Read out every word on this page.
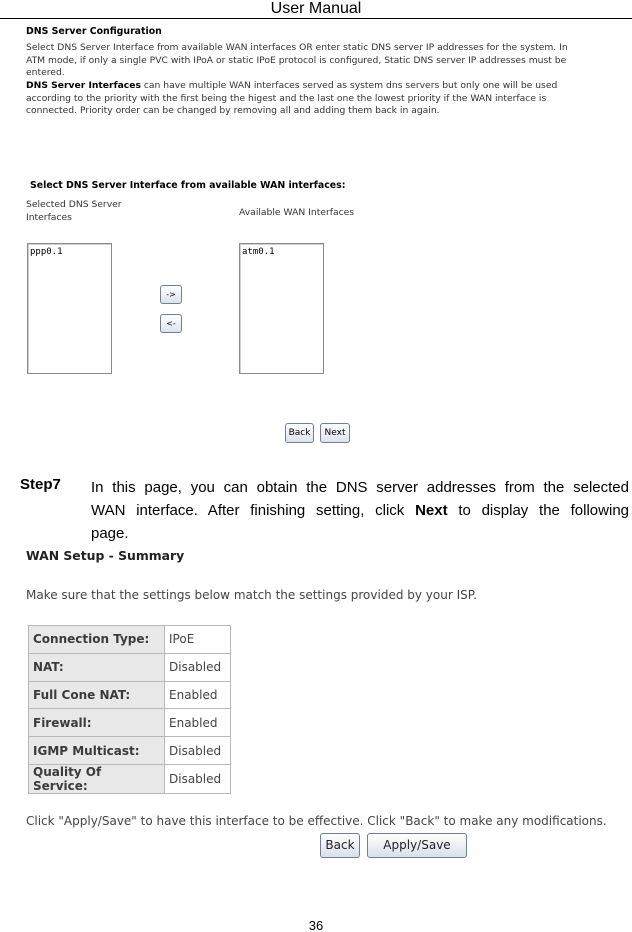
User Manual
DNS Server Configuration
Select DNS Server Interface from available WAN interfaces OR enter static DNS server IP addresses for the system. In
ATM mode, if only a single PVC with IPoA or static IPoE protocol is configured, Static DNS server IP addresses must be
entered.
DNS Server Interfaces can have multiple WAN interfaces served as system dns servers but only one will be used
according to the priority with the first being the higest and the last one the lowest priority if the WAN interface is
connected. Priority order can be changed by removing all and adding them back in again.
Select DNS Server Interface from available WAN interfaces:
Selected DNS Server
Interfaces	Available WAN Interfaces
ppp0.1	atm0.1
->
<-
Back	Next
Step7 In this page, you can obtain the DNS server addresses from the selected
WAN interface. After finishing setting, click Next to display the following
page.
WAN Setup - Summary
Make sure that the settings below match the settings provided by your ISP.
Connection Type:	IPoE
NAT:	Disabled
Full Cone NAT:	Enabled
Firewall:	Enabled
IGMP Multicast:	Disabled
Quality Of Service:	Disabled
Click "Apply/Save" to have this interface to be effective. Click "Back" to make any modifications.
Back	Apply/Save
36
